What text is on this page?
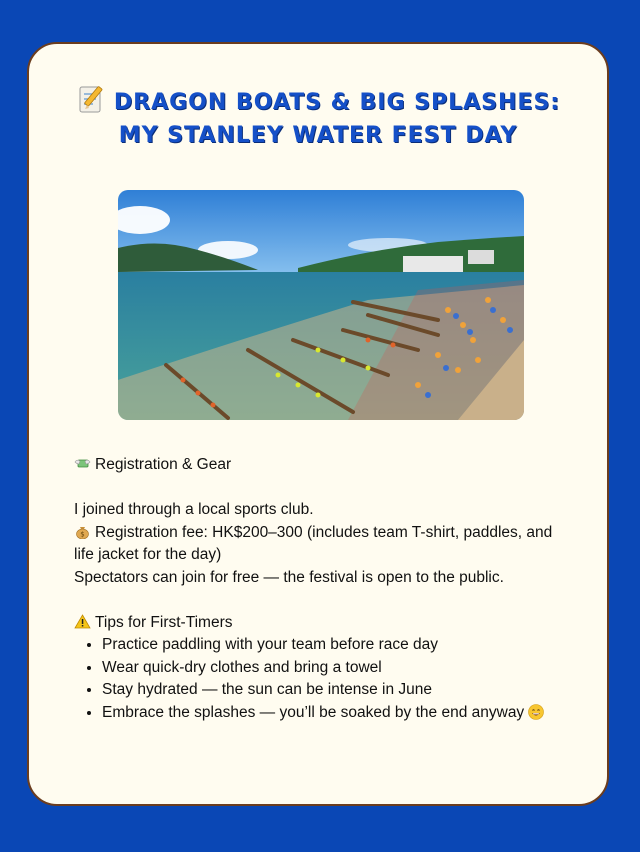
DRAGON BOATS & BIG SPLASHES:
MY STANLEY WATER FEST DAY

Registration & Gear

I joined through a local sports club.

$ Registration fee: HK$200–300 (includes team T-shirt, paddles, and life jacket for the day)

Spectators can join for free — the festival is open to the public.

Tips for First-Timers

• Practice paddling with your team before race day
• Wear quick-dry clothes and bring a towel
• Stay hydrated — the sun can be intense in June
• Embrace the splashes — you’ll be soaked by the end anyway
